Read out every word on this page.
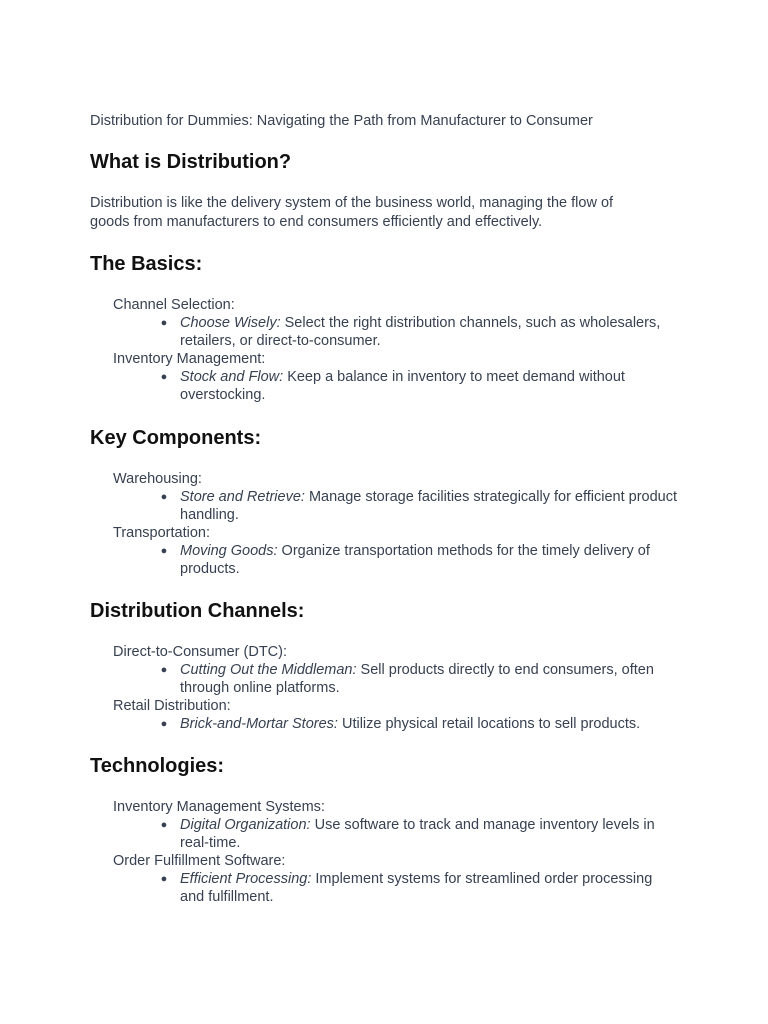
Distribution for Dummies: Navigating the Path from Manufacturer to Consumer

What is Distribution?

Distribution is like the delivery system of the business world, managing the flow of goods from manufacturers to end consumers efficiently and effectively.

The Basics:

Channel Selection:

● Choose Wisely: Select the right distribution channels, such as wholesalers, retailers, or direct-to-consumer.

Inventory Management:

● Stock and Flow: Keep a balance in inventory to meet demand without overstocking.
Key Components:

Warehousing:

● Store and Retrieve: Manage storage facilities strategically for efficient product handling.

Transportation:

● Moving Goods: Organize transportation methods for the timely delivery of products.
Distribution Channels:

Direct-to-Consumer (DTC):

● Cutting Out the Middleman: Sell products directly to end consumers, often through online platforms.

Retail Distribution:

● Brick-and-Mortar Stores: Utilize physical retail locations to sell products.
Technologies:

Inventory Management Systems:

● Digital Organization: Use software to track and manage inventory levels in real-time.

Order Fulfillment Software:

● Efficient Processing: Implement systems for streamlined order processing and fulfillment.
